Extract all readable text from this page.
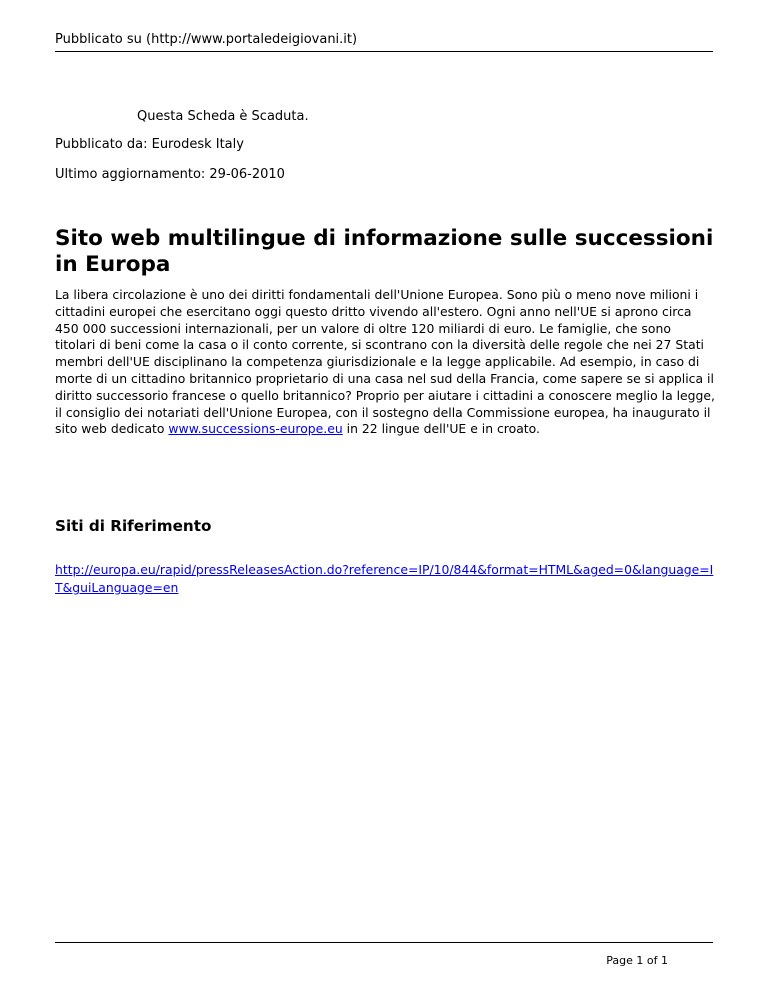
Pubblicato su (http://www.portaledeigiovani.it)
Questa Scheda è Scaduta.
Pubblicato da: Eurodesk Italy
Ultimo aggiornamento: 29-06-2010
Sito web multilingue di informazione sulle successioni in Europa

La libera circolazione è uno dei diritti fondamentali dell'Unione Europea. Sono più o meno nove milioni i cittadini europei che esercitano oggi questo dritto vivendo all'estero. Ogni anno nell'UE si aprono circa 450 000 successioni internazionali, per un valore di oltre 120 miliardi di euro. Le famiglie, che sono titolari di beni come la casa o il conto corrente, si scontrano con la diversità delle regole che nei 27 Stati membri dell'UE disciplinano la competenza giurisdizionale e la legge applicabile. Ad esempio, in caso di morte di un cittadino britannico proprietario di una casa nel sud della Francia, come sapere se si applica il diritto successorio francese o quello britannico? Proprio per aiutare i cittadini a conoscere meglio la legge, il consiglio dei notariati dell'Unione Europea, con il sostegno della Commissione europea, ha inaugurato il sito web dedicato www.successions-europe.eu in 22 lingue dell'UE e in croato.

Siti di Riferimento
http://europa.eu/rapid/pressReleasesAction.do?reference=IP/10/844&format=HTML&aged=0&language=IT&guiLanguage=en
Page 1 of 1
